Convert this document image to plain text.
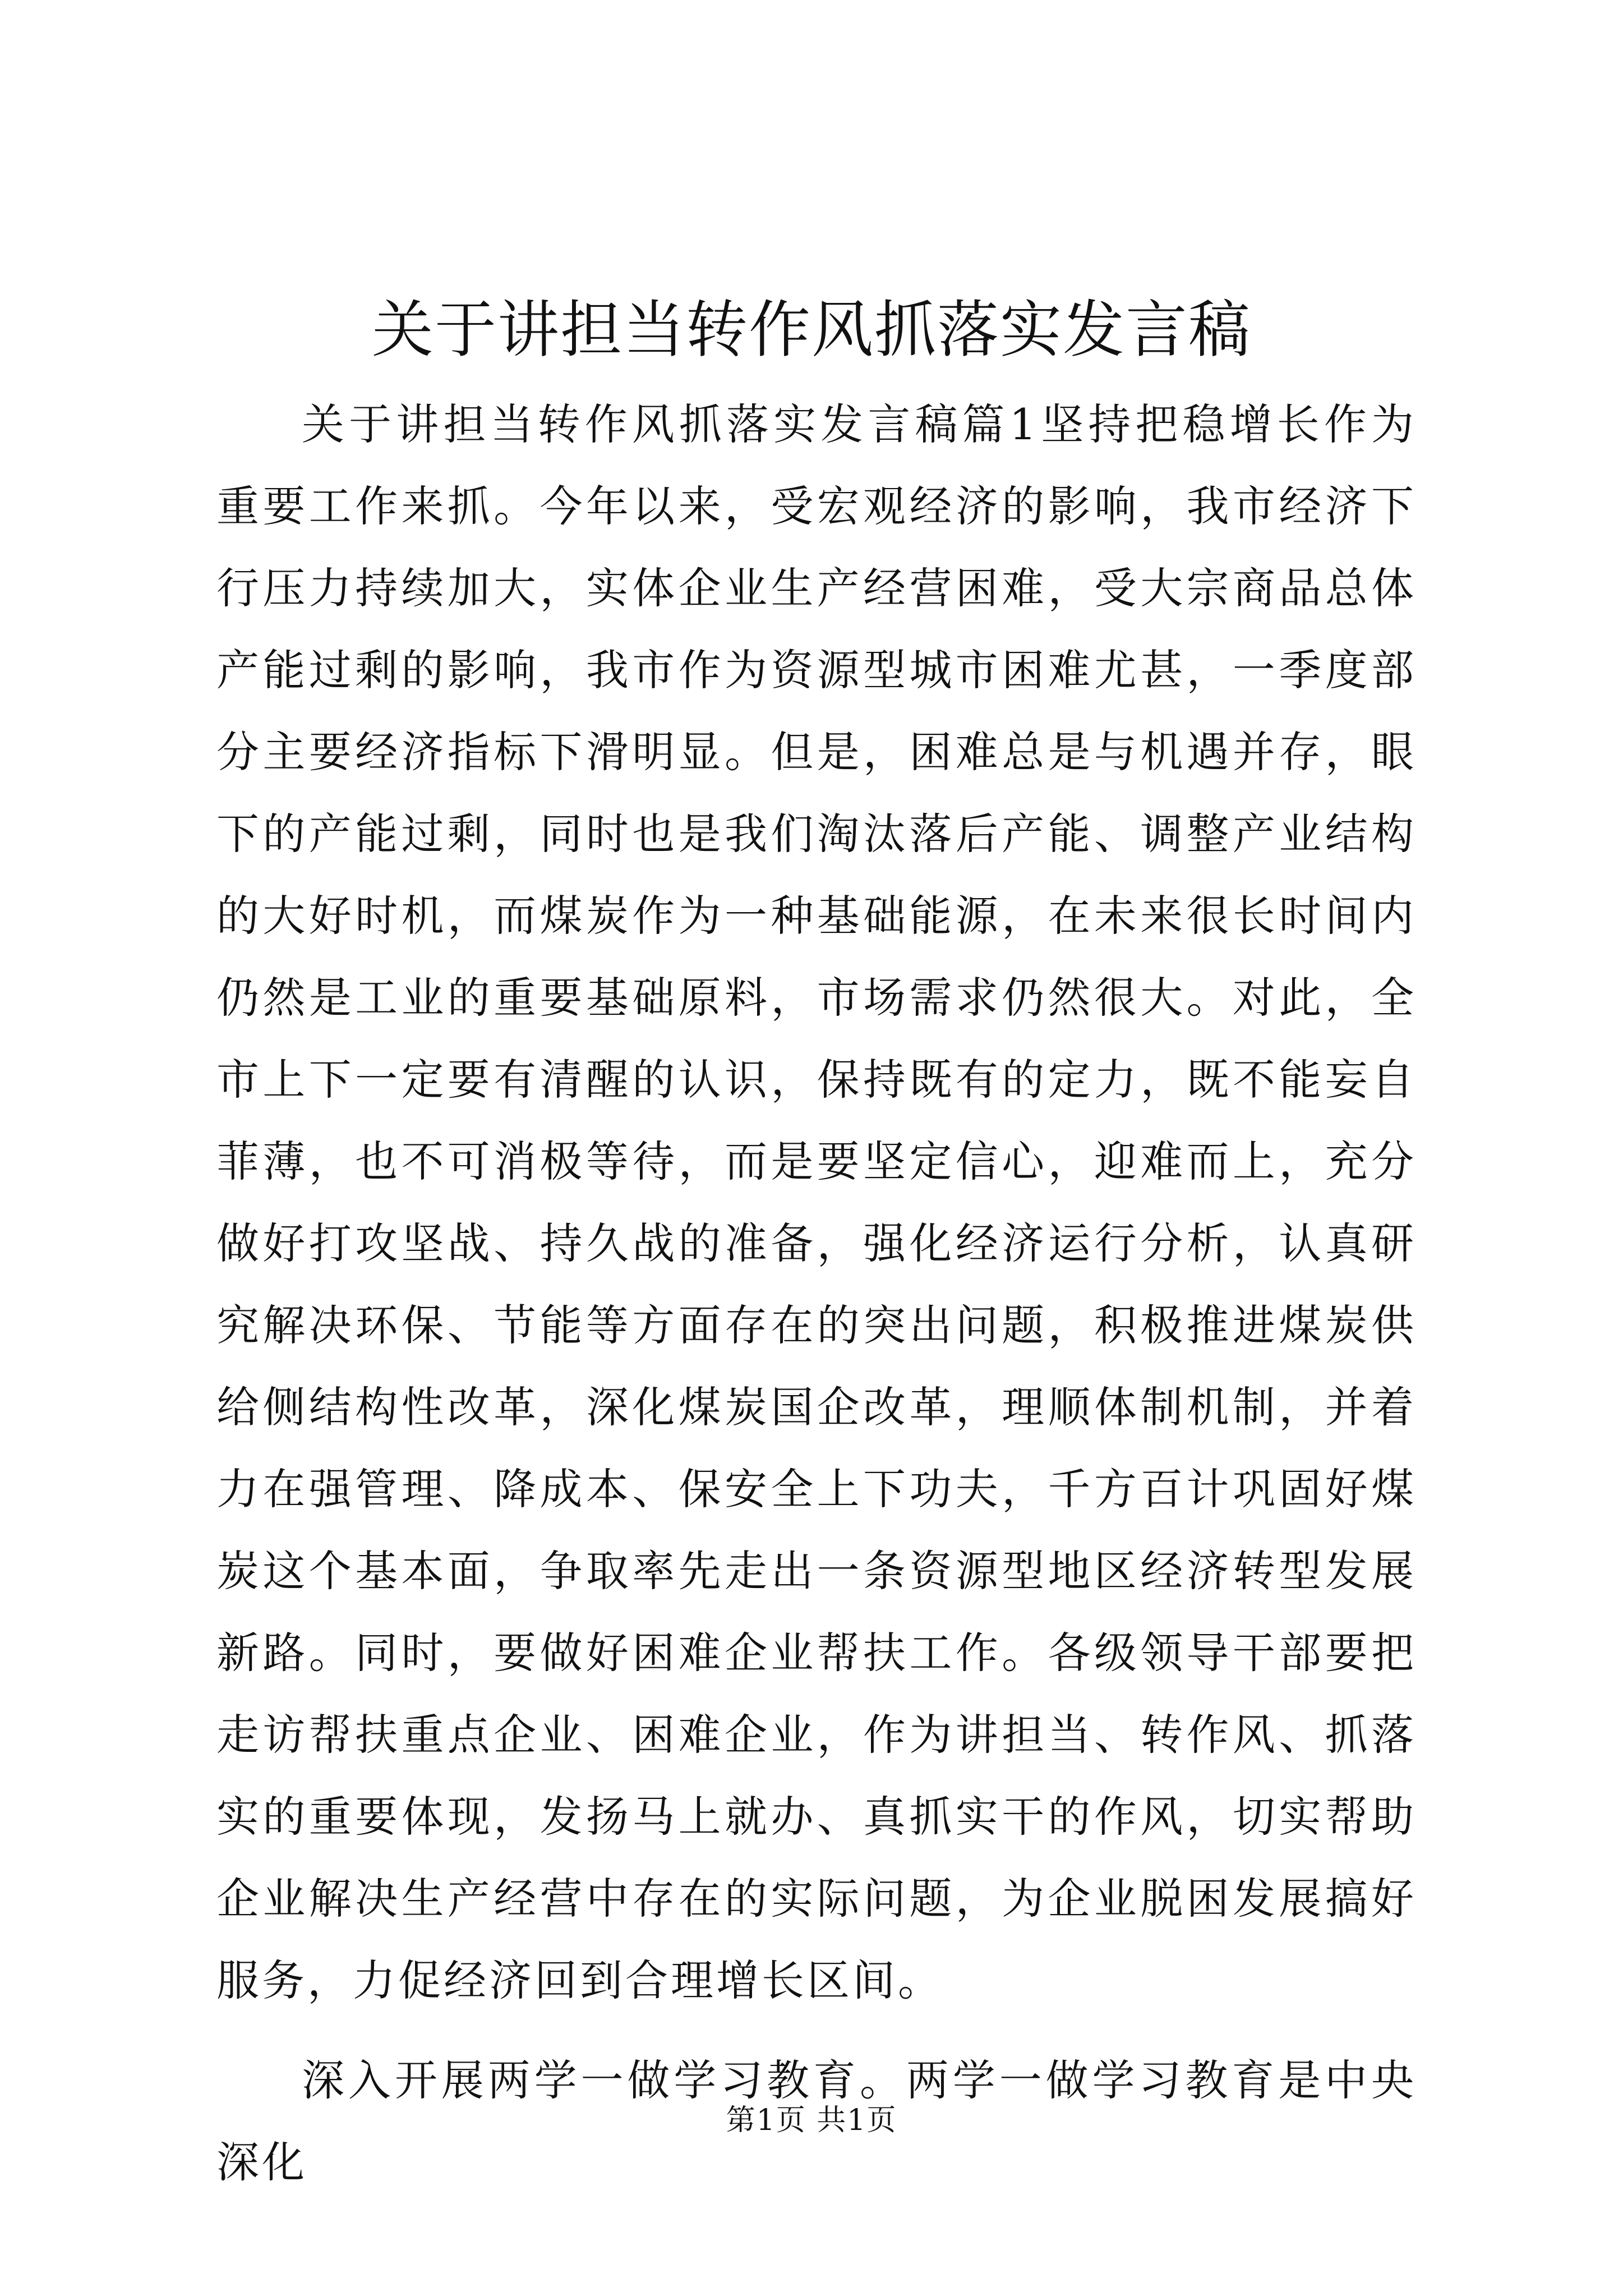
关于讲担当转作风抓落实发言稿

关于讲担当转作风抓落实发言稿篇1坚持把稳增长作为重要工作来抓。今年以来，受宏观经济的影响，我市经济下行压力持续加大，实体企业生产经营困难，受大宗商品总体产能过剩的影响，我市作为资源型城市困难尤甚，一季度部分主要经济指标下滑明显。但是，困难总是与机遇并存，眼下的产能过剩，同时也是我们淘汰落后产能、调整产业结构的大好时机，而煤炭作为一种基础能源，在未来很长时间内仍然是工业的重要基础原料，市场需求仍然很大。对此，全市上下一定要有清醒的认识，保持既有的定力，既不能妄自菲薄，也不可消极等待，而是要坚定信心，迎难而上，充分做好打攻坚战、持久战的准备，强化经济运行分析，认真研究解决环保、节能等方面存在的突出问题，积极推进煤炭供给侧结构性改革，深化煤炭国企改革，理顺体制机制，并着力在强管理、降成本、保安全上下功夫，千方百计巩固好煤炭这个基本面，争取率先走出一条资源型地区经济转型发展新路。同时，要做好困难企业帮扶工作。各级领导干部要把走访帮扶重点企业、困难企业，作为讲担当、转作风、抓落实的重要体现，发扬马上就办、真抓实干的作风，切实帮助企业解决生产经营中存在的实际问题，为企业脱困发展搞好服务，力促经济回到合理增长区间。

深入开展两学一做学习教育。两学一做学习教育是中央深化

第1页 共1页
